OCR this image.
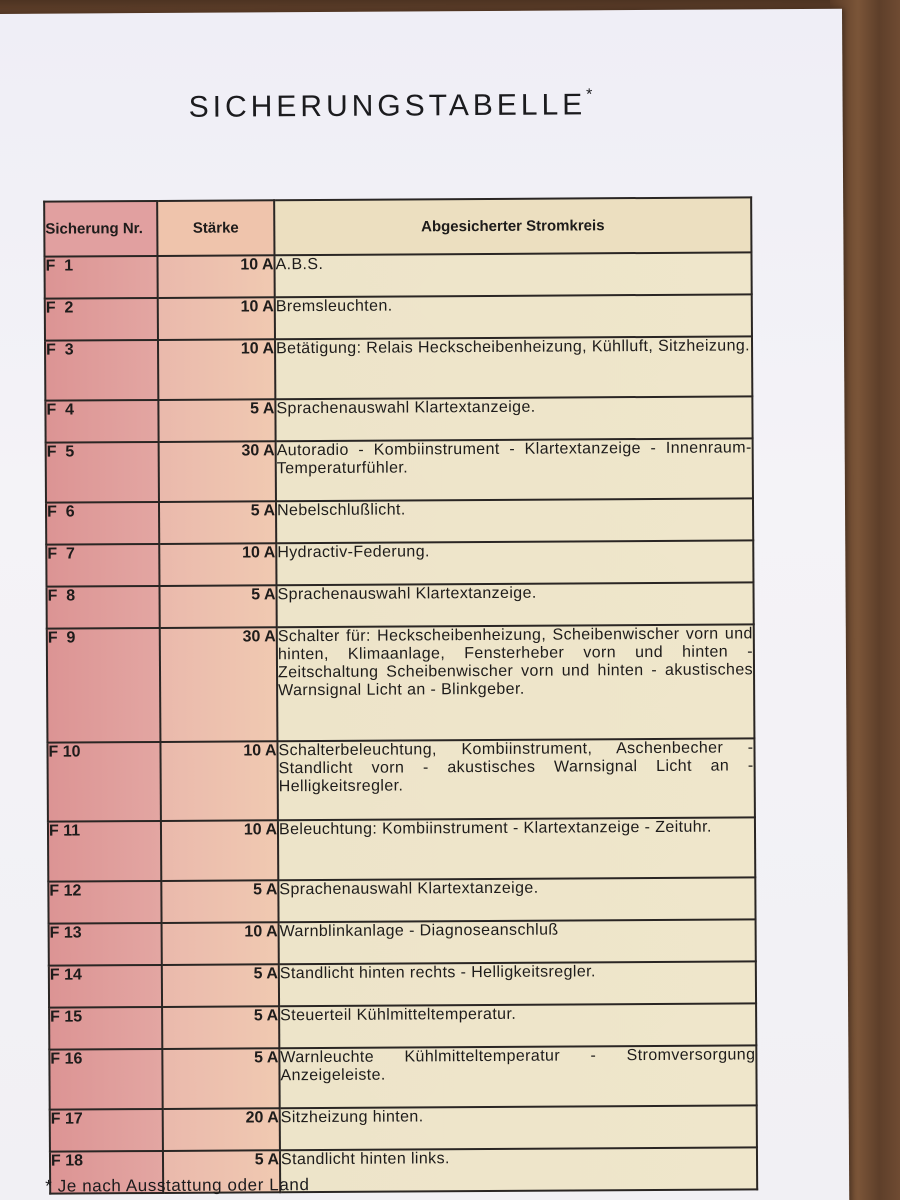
SICHERUNGSTABELLE*
Sicherung Nr.	Stärke	Abgesicherter Stromkreis
F  1	10 A	A.B.S.
F  2	10 A	Bremsleuchten.
F  3	10 A	Betätigung: Relais Heckscheibenheizung, Kühlluft, Sitzheizung.
F  4	5 A	Sprachenauswahl Klartextanzeige.
F  5	30 A	Autoradio - Kombiinstrument - Klartextanzeige - Innenraum-Temperaturfühler.
F  6	5 A	Nebelschlußlicht.
F  7	10 A	Hydractiv-Federung.
F  8	5 A	Sprachenauswahl Klartextanzeige.
F  9	30 A	Schalter für: Heckscheibenheizung, Scheibenwischer vorn und hinten, Klimaanlage, Fensterheber vorn und hinten - Zeitschaltung Scheibenwischer vorn und hinten - akustisches Warnsignal Licht an - Blinkgeber.
F 10	10 A	Schalterbeleuchtung, Kombiinstrument, Aschenbecher - Standlicht vorn - akustisches Warnsignal Licht an - Helligkeitsregler.
F 11	10 A	Beleuchtung: Kombiinstrument - Klartextanzeige - Zeituhr.
F 12	5 A	Sprachenauswahl Klartextanzeige.
F 13	10 A	Warnblinkanlage - Diagnoseanschluß
F 14	5 A	Standlicht hinten rechts - Helligkeitsregler.
F 15	5 A	Steuerteil Kühlmitteltemperatur.
F 16	5 A	Warnleuchte Kühlmitteltemperatur - Stromversorgung Anzeigeleiste.
F 17	20 A	Sitzheizung hinten.
F 18	5 A	Standlicht hinten links.
* Je nach Ausstattung oder Land
